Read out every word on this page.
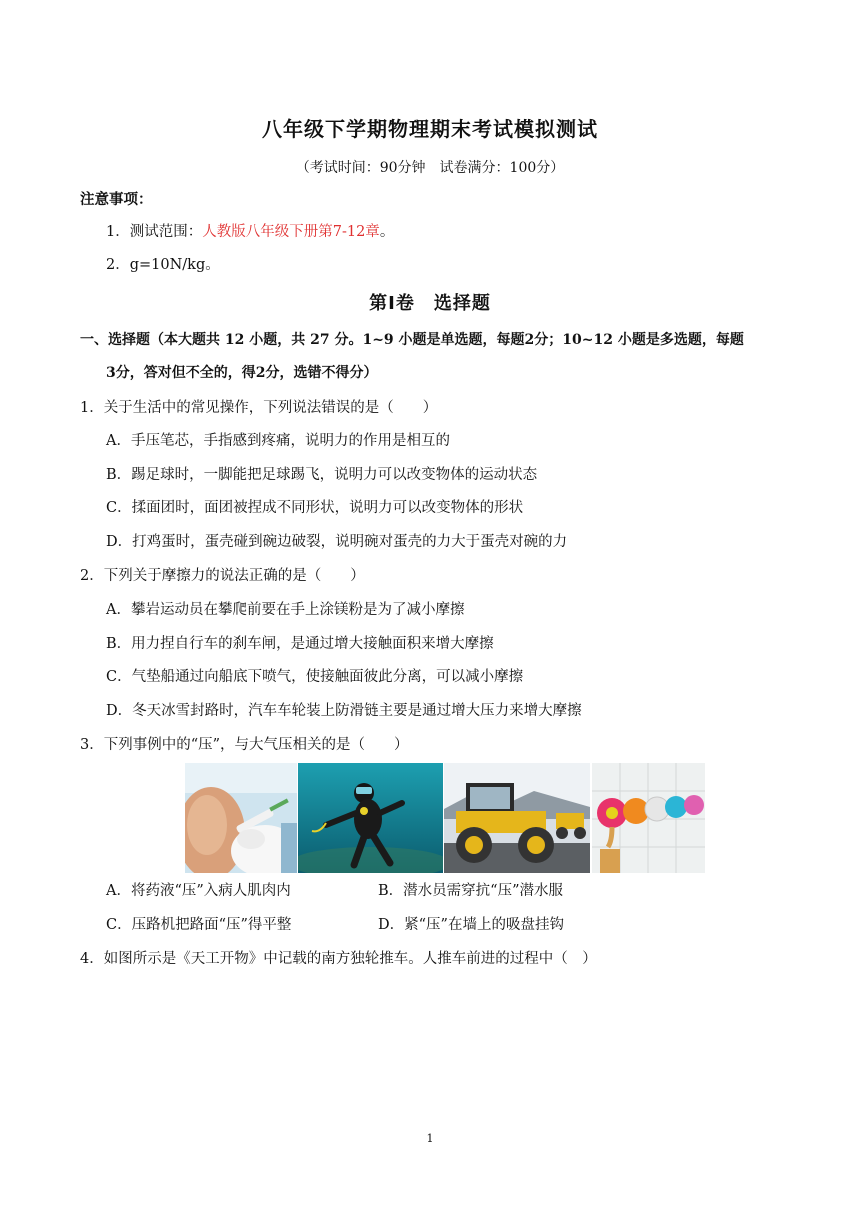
八年级下学期物理期末考试模拟测试
（考试时间：90分钟　试卷满分：100分）
注意事项：
1．测试范围：人教版八年级下册第7-12章。
2．g=10N/kg。
第Ⅰ卷　选择题
一、选择题（本大题共 12 小题，共 27 分。1~9 小题是单选题，每题2分；10~12 小题是多选题，每题
3分，答对但不全的，得2分，选错不得分）
1．关于生活中的常见操作，下列说法错误的是（　　）
A．手压笔芯，手指感到疼痛，说明力的作用是相互的
B．踢足球时，一脚能把足球踢飞，说明力可以改变物体的运动状态
C．揉面团时，面团被捏成不同形状，说明力可以改变物体的形状
D．打鸡蛋时，蛋壳碰到碗边破裂，说明碗对蛋壳的力大于蛋壳对碗的力
2．下列关于摩擦力的说法正确的是（　　）
A．攀岩运动员在攀爬前要在手上涂镁粉是为了减小摩擦
B．用力捏自行车的刹车闸，是通过增大接触面积来增大摩擦
C．气垫船通过向船底下喷气，使接触面彼此分离，可以减小摩擦
D．冬天冰雪封路时，汽车车轮装上防滑链主要是通过增大压力来增大摩擦
3．下列事例中的“压”，与大气压相关的是（　　）
A．将药液“压”入病人肌肉内	B．潜水员需穿抗“压”潜水服
C．压路机把路面“压”得平整	D．紧“压”在墙上的吸盘挂钩
4．如图所示是《天工开物》中记载的南方独轮推车。人推车前进的过程中（　）
1
